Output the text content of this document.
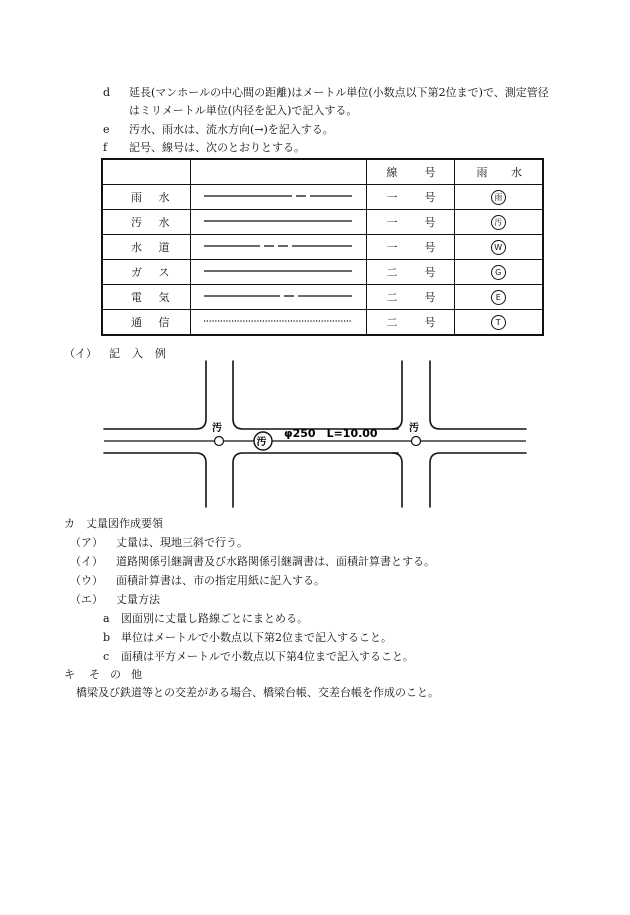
d 延長(マンホールの中心間の距離)はメートル単位(小数点以下第2位まで)で、測定管径
はミリメートル単位(内径を記入)で記入する。
e 汚水、雨水は、流水方向(→)を記入する。
f 記号、線号は、次のとおりとする。

		線 号	雨 水

雨 水		一 号	雨

汚 水		一 号	汚

水 道		一 号	W

ガ ス		二 号	G

電 気		二 号	E

通 信		二 号	T
（イ） 記 入 例
汚	汚
汚
φ250　L=10.00
カ　丈量図作成要領
（ア） 丈量は、現地三斜で行う。
（イ） 道路関係引継調書及び水路関係引継調書は、面積計算書とする。
（ウ） 面積計算書は、市の指定用紙に記入する。
（エ） 丈量方法
a 図面別に丈量し路線ごとにまとめる。
b 単位はメートルで小数点以下第2位まで記入すること。
c 面積は平方メートルで小数点以下第4位まで記入すること。
キ そ の 他
橋梁及び鉄道等との交差がある場合、橋梁台帳、交差台帳を作成のこと。
